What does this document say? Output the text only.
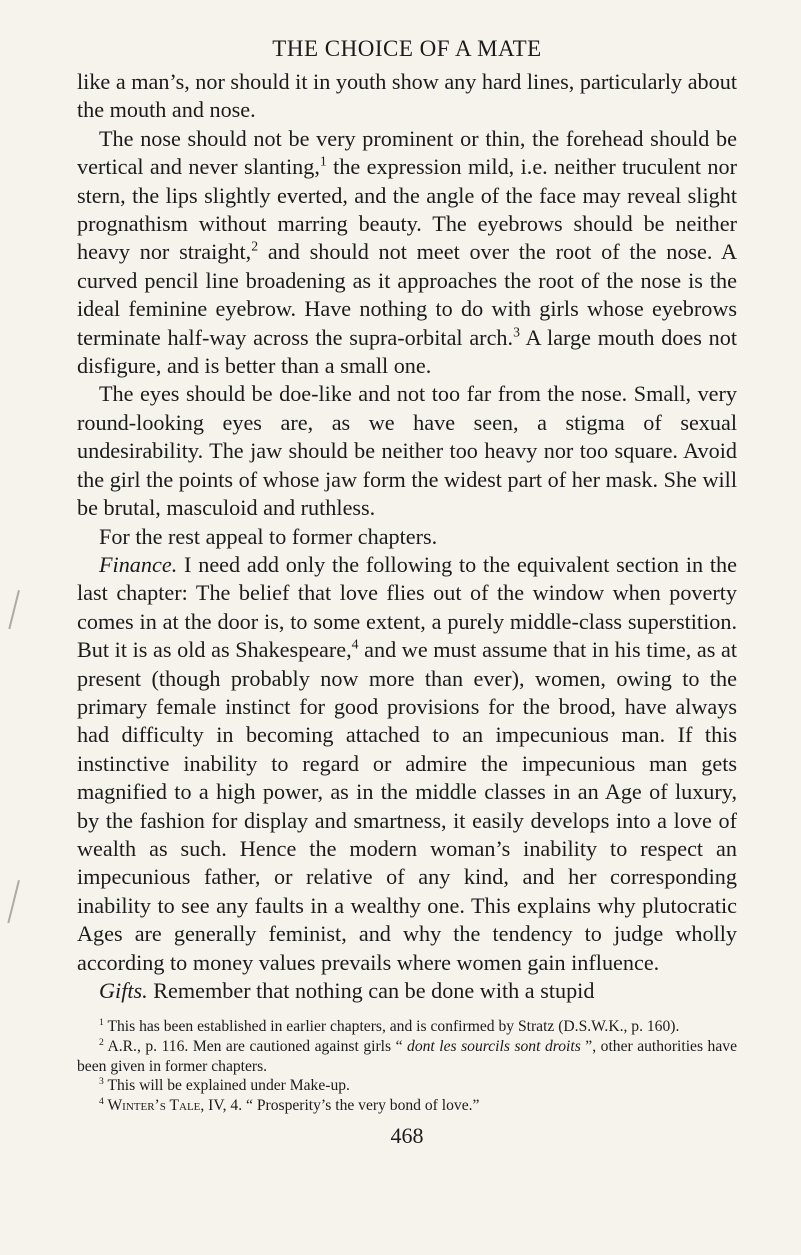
THE CHOICE OF A MATE

like a man’s, nor should it in youth show any hard lines, particularly about the mouth and nose.

The nose should not be very prominent or thin, the forehead should be vertical and never slanting,$^1$ the expression mild, i.e. neither truculent nor stern, the lips slightly everted, and the angle of the face may reveal slight prognathism without marring beauty. The eyebrows should be neither heavy nor straight,$^2$ and should not meet over the root of the nose. A curved pencil line broadening as it approaches the root of the nose is the ideal feminine eyebrow. Have nothing to do with girls whose eyebrows terminate half-way across the supra-orbital arch.$^3$ A large mouth does not disfigure, and is better than a small one.

The eyes should be doe-like and not too far from the nose. Small, very round-looking eyes are, as we have seen, a stigma of sexual undesirability. The jaw should be neither too heavy nor too square. Avoid the girl the points of whose jaw form the widest part of her mask. She will be brutal, masculoid and ruthless.

For the rest appeal to former chapters.

Finance. I need add only the following to the equivalent section in the last chapter: The belief that love flies out of the window when poverty comes in at the door is, to some extent, a purely middle-class superstition. But it is as old as Shakespeare,$^4$ and we must assume that in his time, as at present (though probably now more than ever), women, owing to the primary female instinct for good provisions for the brood, have always had difficulty in becoming attached to an impecunious man. If this instinctive inability to regard or admire the impecunious man gets magnified to a high power, as in the middle classes in an Age of luxury, by the fashion for display and smartness, it easily develops into a love of wealth as such. Hence the modern woman’s inability to respect an impecunious father, or relative of any kind, and her corresponding inability to see any faults in a wealthy one. This explains why plutocratic Ages are generally feminist, and why the tendency to judge wholly according to money values prevails where women gain influence.

Gifts. Remember that nothing can be done with a stupid

$^1$ This has been established in earlier chapters, and is confirmed by Stratz (D.S.W.K., p. 160).

$^2$ A.R., p. 116. Men are cautioned against girls “ dont les sourcils sont droits ”, other authorities have been given in former chapters.

$^3$ This will be explained under Make-up.

$^4$ Winter’s Tale, IV, 4. “ Prosperity’s the very bond of love.”

468
